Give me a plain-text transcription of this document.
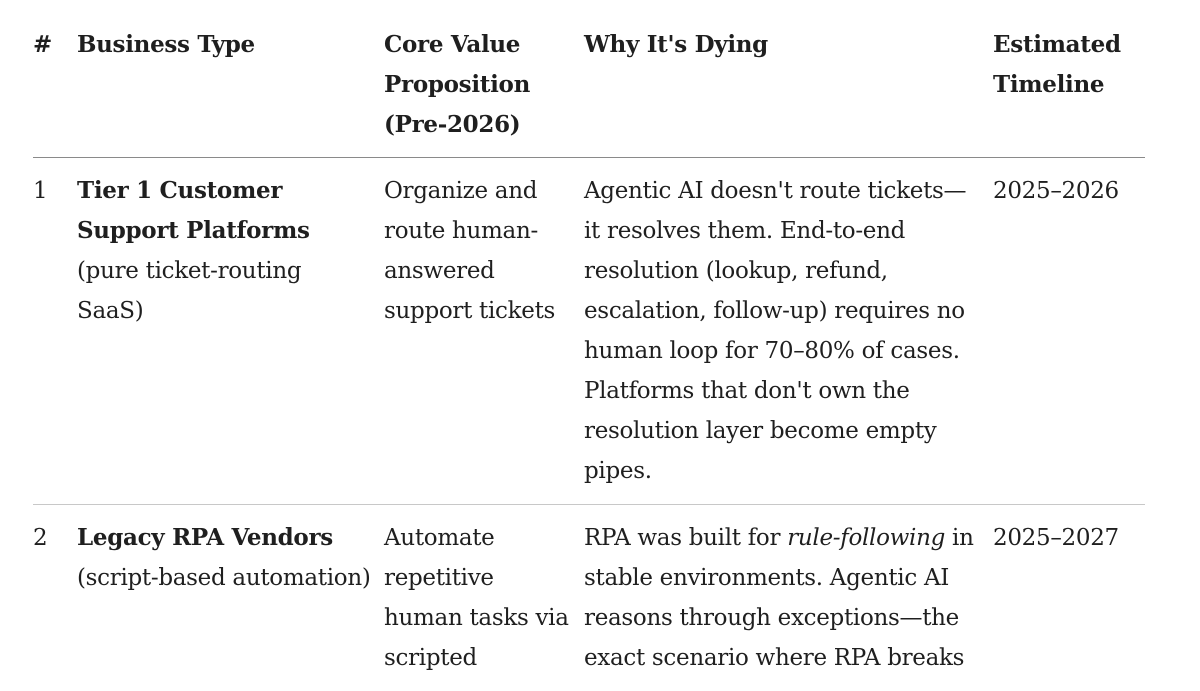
#	Business Type	Core Value Proposition (Pre-2026)	Why It's Dying	Estimated Timeline
1	Tier 1 Customer Support Platforms (pure ticket-routing SaaS)	Organize and route human-answered support tickets	Agentic AI doesn't route tickets—it resolves them. End-to-end resolution (lookup, refund, escalation, follow-up) requires no human loop for 70–80% of cases. Platforms that don't own the resolution layer become empty pipes.	2025–2026
2	Legacy RPA Vendors (script-based automation)	Automate repetitive human tasks via scripted	RPA was built for rule-following in stable environments. Agentic AI reasons through exceptions—the exact scenario where RPA breaks	2025–2027
